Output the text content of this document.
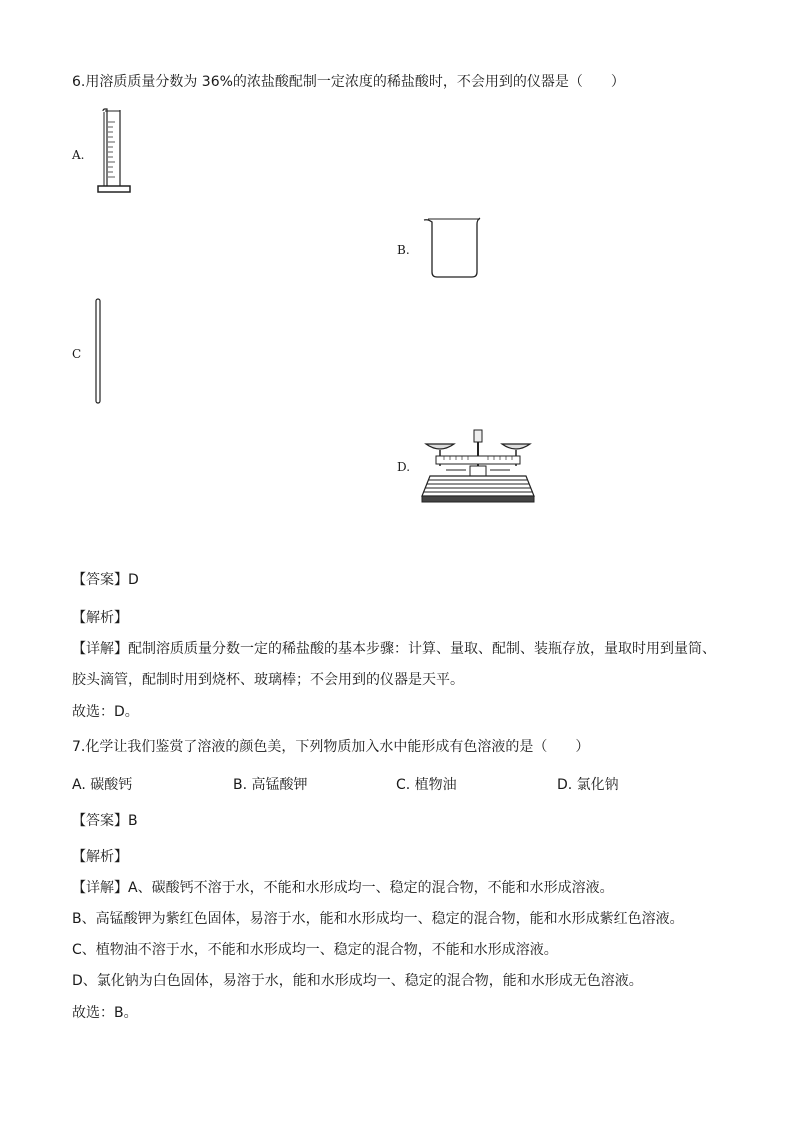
6.用溶质质量分数为 36%的浓盐酸配制一定浓度的稀盐酸时，不会用到的仪器是（　　）
A.
B.
C
D.
【答案】D
【解析】
【详解】配制溶质质量分数一定的稀盐酸的基本步骤：计算、量取、配制、装瓶存放，量取时用到量筒、
胶头滴管，配制时用到烧杯、玻璃棒；不会用到的仪器是天平。
故选：D。
7.化学让我们鉴赏了溶液的颜色美，下列物质加入水中能形成有色溶液的是（　　）
A. 碳酸钙	B. 高锰酸钾	C. 植物油	D. 氯化钠
【答案】B
【解析】
【详解】A、碳酸钙不溶于水，不能和水形成均一、稳定的混合物，不能和水形成溶液。
B、高锰酸钾为紫红色固体，易溶于水，能和水形成均一、稳定的混合物，能和水形成紫红色溶液。
C、植物油不溶于水，不能和水形成均一、稳定的混合物，不能和水形成溶液。
D、氯化钠为白色固体，易溶于水，能和水形成均一、稳定的混合物，能和水形成无色溶液。
故选：B。
